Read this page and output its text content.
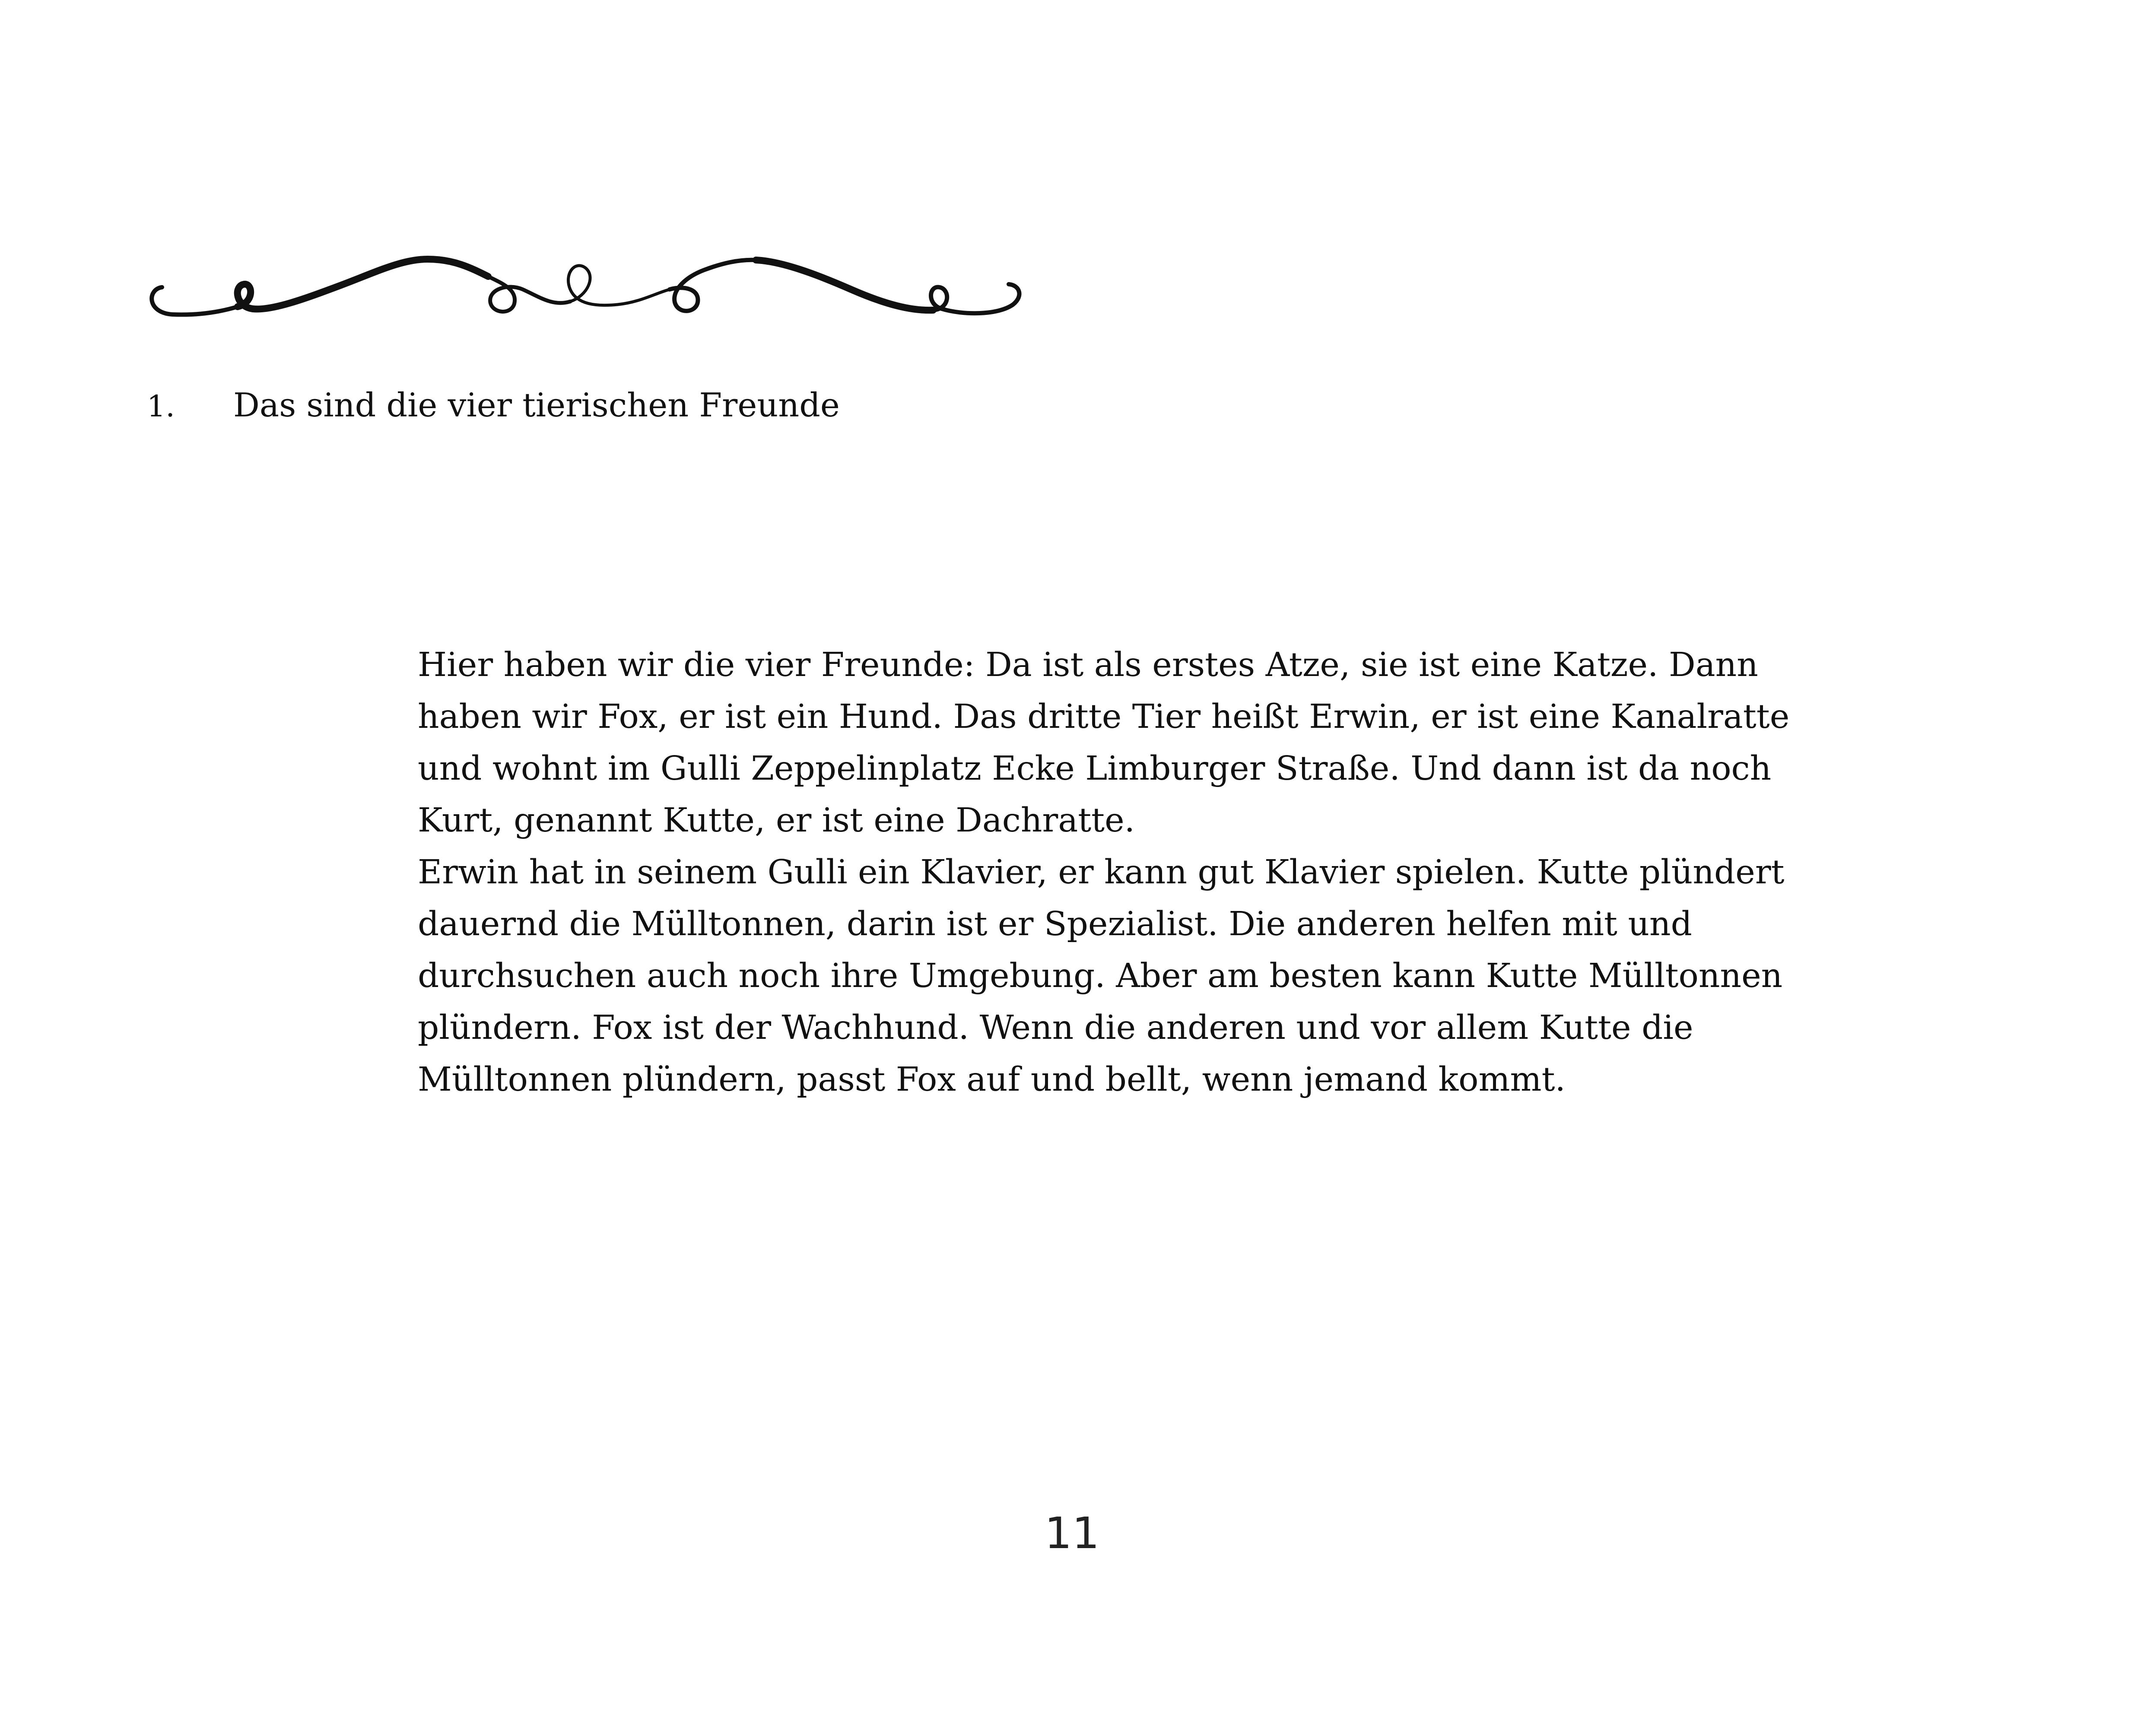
1. Das sind die vier tierischen Freunde
Hier haben wir die vier Freunde: Da ist als erstes Atze, sie ist eine Katze. Dann
haben wir Fox, er ist ein Hund. Das dritte Tier heißt Erwin, er ist eine Kanalratte
und wohnt im Gulli Zeppelinplatz Ecke Limburger Straße. Und dann ist da noch
Kurt, genannt Kutte, er ist eine Dachratte.
Erwin hat in seinem Gulli ein Klavier, er kann gut Klavier spielen. Kutte plündert
dauernd die Mülltonnen, darin ist er Spezialist. Die anderen helfen mit und
durchsuchen auch noch ihre Umgebung. Aber am besten kann Kutte Mülltonnen
plündern. Fox ist der Wachhund. Wenn die anderen und vor allem Kutte die
Mülltonnen plündern, passt Fox auf und bellt, wenn jemand kommt.
11
